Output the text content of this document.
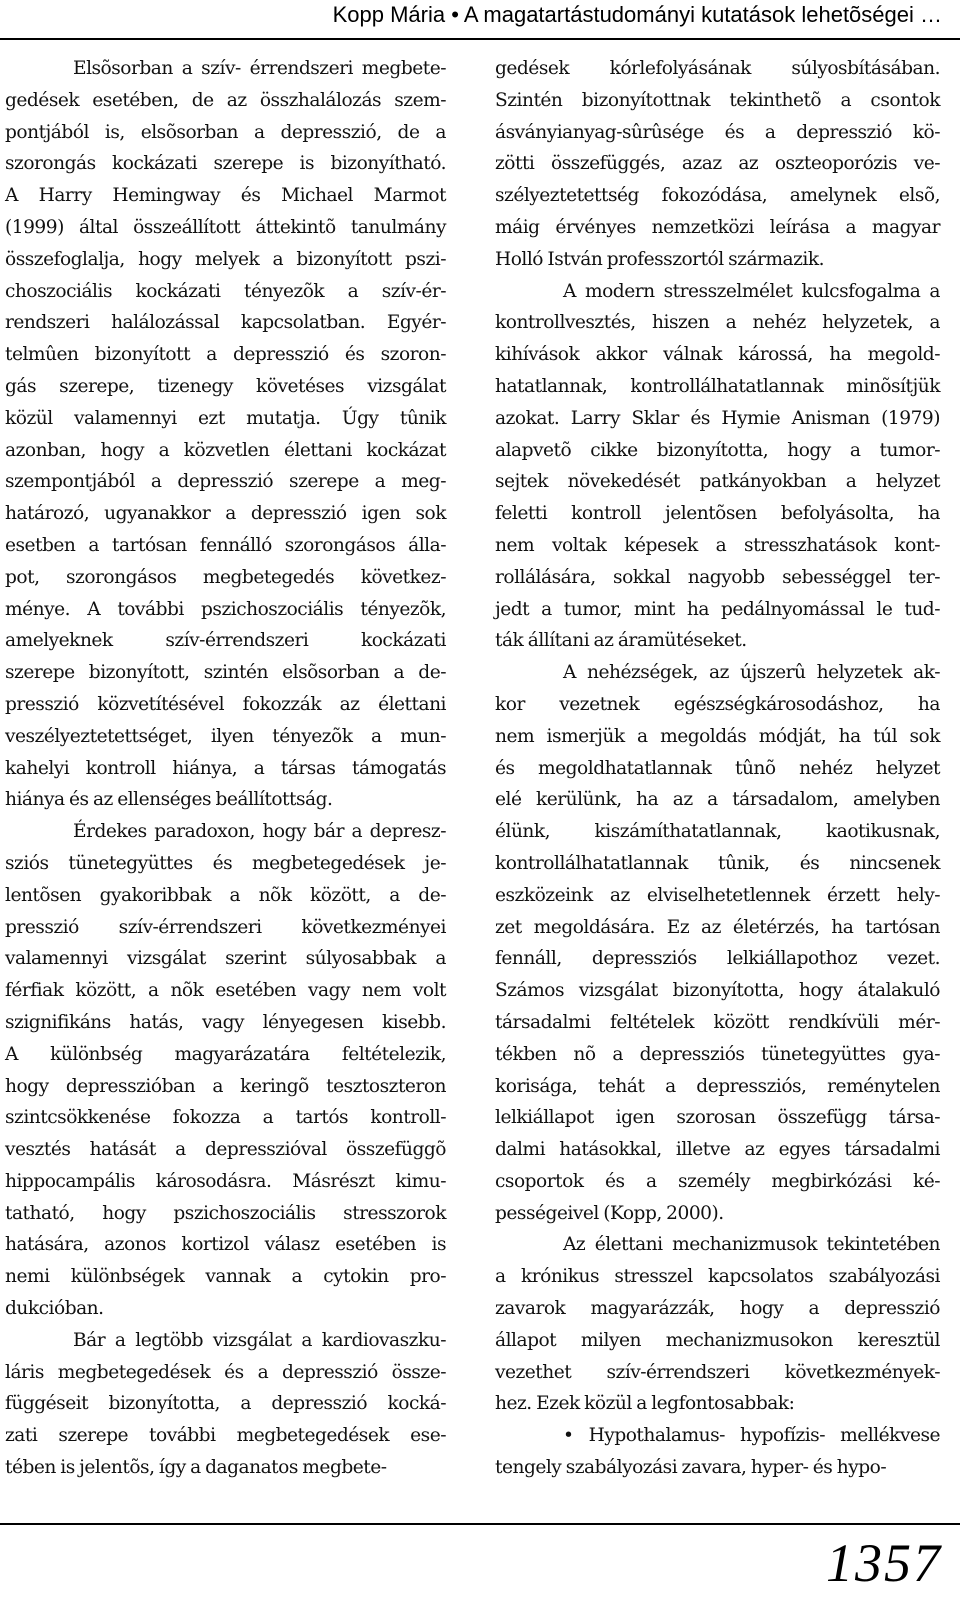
Kopp Mária • A magatartástudományi kutatások lehetõségei …
Elsõsorban a szív- érrendszeri megbete-
gedések esetében, de az összhalálozás szem-
pontjából is, elsõsorban a depresszió, de a
szorongás kockázati szerepe is bizonyítható.
A Harry Hemingway és Michael Marmot
(1999) által összeállított áttekintõ tanulmány
összefoglalja, hogy melyek a bizonyított pszi-
choszociális kockázati tényezõk a szív-ér-
rendszeri halálozással kapcsolatban. Egyér-
telmûen bizonyított a depresszió és szoron-
gás szerepe, tizenegy követéses vizsgálat
közül valamennyi ezt mutatja. Úgy tûnik
azonban, hogy a közvetlen élettani kockázat
szempontjából a depresszió szerepe a meg-
határozó, ugyanakkor a depresszió igen sok
esetben a tartósan fennálló szorongásos álla-
pot, szorongásos megbetegedés következ-
ménye. A további pszichoszociális tényezõk,
amelyeknek szív-érrendszeri kockázati
szerepe bizonyított, szintén elsõsorban a de-
presszió közvetítésével fokozzák az élettani
veszélyeztetettséget, ilyen tényezõk a mun-
kahelyi kontroll hiánya, a társas támogatás
hiánya és az ellenséges beállítottság.
Érdekes paradoxon, hogy bár a depresz-
sziós tünetegyüttes és megbetegedések je-
lentõsen gyakoribbak a nõk között, a de-
presszió szív-érrendszeri következményei
valamennyi vizsgálat szerint súlyosabbak a
férfiak között, a nõk esetében vagy nem volt
szignifikáns hatás, vagy lényegesen kisebb.
A különbség magyarázatára feltételezik,
hogy depresszióban a keringõ tesztoszteron
szintcsökkenése fokozza a tartós kontroll-
vesztés hatását a depresszióval összefüggõ
hippocampális károsodásra. Másrészt kimu-
tatható, hogy pszichoszociális stresszorok
hatására, azonos kortizol válasz esetében is
nemi különbségek vannak a cytokin pro-
dukcióban.
Bár a legtöbb vizsgálat a kardiovaszku-
láris megbetegedések és a depresszió össze-
függéseit bizonyította, a depresszió kocká-
zati szerepe további megbetegedések ese-
tében is jelentõs, így a daganatos megbete-
gedések kórlefolyásának súlyosbításában.
Szintén bizonyítottnak tekinthetõ a csontok
ásványianyag-sûrûsége és a depresszió kö-
zötti összefüggés, azaz az oszteoporózis ve-
szélyeztetettség fokozódása, amelynek elsõ,
máig érvényes nemzetközi leírása a magyar
Holló István professzortól származik.
A modern stresszelmélet kulcsfogalma a
kontrollvesztés, hiszen a nehéz helyzetek, a
kihívások akkor válnak károssá, ha megold-
hatatlannak, kontrollálhatatlannak minõsítjük
azokat. Larry Sklar és Hymie Anisman (1979)
alapvetõ cikke bizonyította, hogy a tumor-
sejtek növekedését patkányokban a helyzet
feletti kontroll jelentõsen befolyásolta, ha
nem voltak képesek a stresszhatások kont-
rollálására, sokkal nagyobb sebességgel ter-
jedt a tumor, mint ha pedálnyomással le tud-
ták állítani az áramütéseket.
A nehézségek, az újszerû helyzetek ak-
kor vezetnek egészségkárosodáshoz, ha
nem ismerjük a megoldás módját, ha túl sok
és megoldhatatlannak tûnõ nehéz helyzet
elé kerülünk, ha az a társadalom, amelyben
élünk, kiszámíthatatlannak, kaotikusnak,
kontrollálhatatlannak tûnik, és nincsenek
eszközeink az elviselhetetlennek érzett hely-
zet megoldására. Ez az életérzés, ha tartósan
fennáll, depressziós lelkiállapothoz vezet.
Számos vizsgálat bizonyította, hogy átalakuló
társadalmi feltételek között rendkívüli mér-
tékben nõ a depressziós tünetegyüttes gya-
korisága, tehát a depressziós, reménytelen
lelkiállapot igen szorosan összefügg társa-
dalmi hatásokkal, illetve az egyes társadalmi
csoportok és a személy megbirkózási ké-
pességeivel (Kopp, 2000).
Az élettani mechanizmusok tekintetében
a krónikus stresszel kapcsolatos szabályozási
zavarok magyarázzák, hogy a depresszió
állapot milyen mechanizmusokon keresztül
vezethet szív-érrendszeri következmények-
hez. Ezek közül a legfontosabbak:
• Hypothalamus- hypofízis- mellékvese
tengely szabályozási zavara, hyper- és hypo-
1357
